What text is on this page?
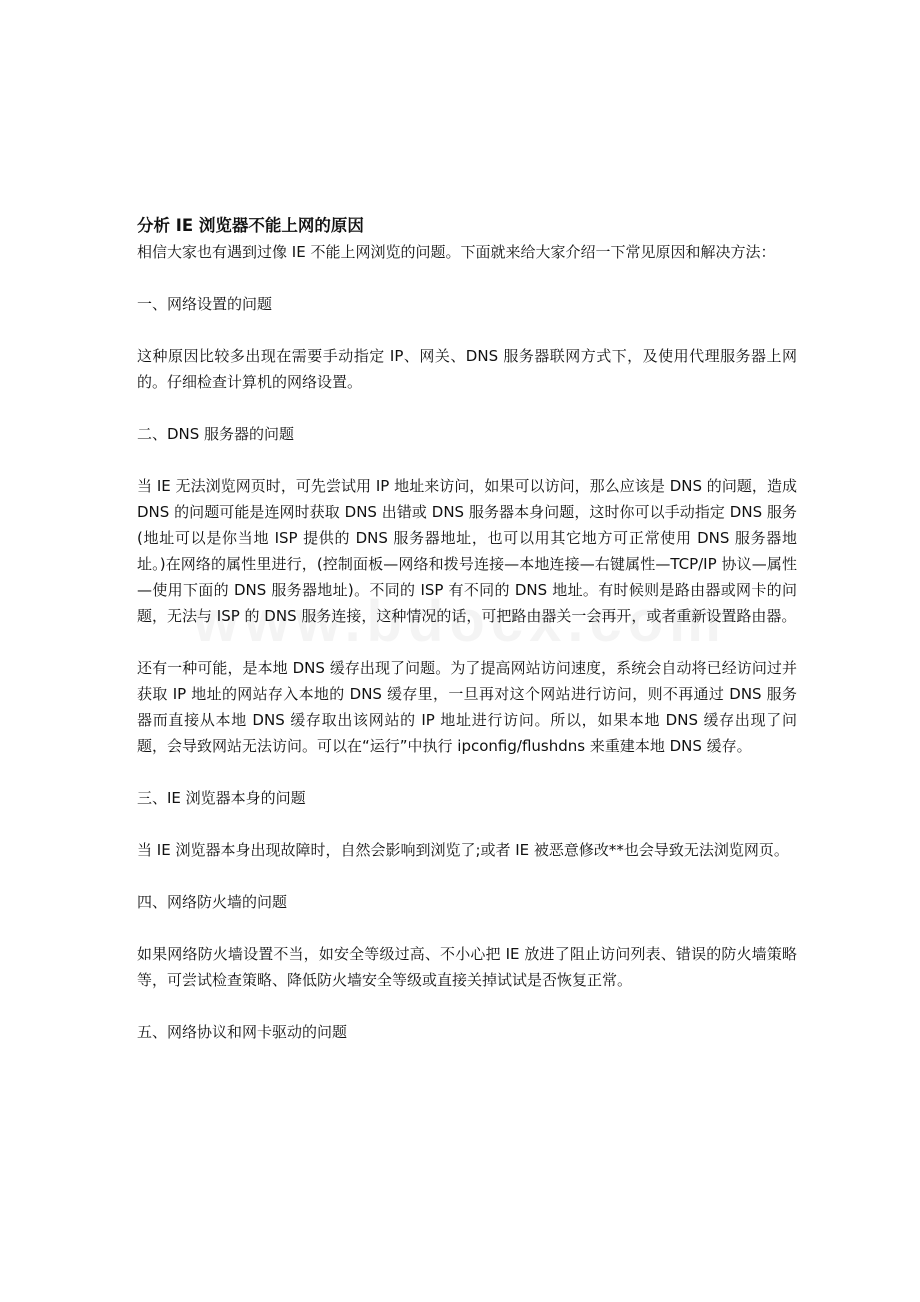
分析 IE 浏览器不能上网的原因

相信大家也有遇到过像 IE 不能上网浏览的问题。下面就来给大家介绍一下常见原因和解决方法：

一、网络设置的问题

这种原因比较多出现在需要手动指定 IP、网关、DNS 服务器联网方式下，及使用代理服务器上网的。仔细检查计算机的网络设置。

二、DNS 服务器的问题

当 IE 无法浏览网页时，可先尝试用 IP 地址来访问，如果可以访问，那么应该是 DNS 的问题，造成 DNS 的问题可能是连网时获取 DNS 出错或 DNS 服务器本身问题，这时你可以手动指定 DNS 服务(地址可以是你当地 ISP 提供的 DNS 服务器地址，也可以用其它地方可正常使用 DNS 服务器地址。)在网络的属性里进行，(控制面板—网络和拨号连接—本地连接—右键属性—TCP/IP 协议—属性—使用下面的 DNS 服务器地址)。不同的 ISP 有不同的 DNS 地址。有时候则是路由器或网卡的问题，无法与 ISP 的 DNS 服务连接，这种情况的话，可把路由器关一会再开，或者重新设置路由器。

还有一种可能，是本地 DNS 缓存出现了问题。为了提高网站访问速度，系统会自动将已经访问过并获取 IP 地址的网站存入本地的 DNS 缓存里，一旦再对这个网站进行访问，则不再通过 DNS 服务器而直接从本地 DNS 缓存取出该网站的 IP 地址进行访问。所以，如果本地 DNS 缓存出现了问题，会导致网站无法访问。可以在“运行”中执行 ipconfig/flushdns 来重建本地 DNS 缓存。

三、IE 浏览器本身的问题

当 IE 浏览器本身出现故障时，自然会影响到浏览了;或者 IE 被恶意修改**也会导致无法浏览网页。

四、网络防火墙的问题

如果网络防火墙设置不当，如安全等级过高、不小心把 IE 放进了阻止访问列表、错误的防火墙策略等，可尝试检查策略、降低防火墙安全等级或直接关掉试试是否恢复正常。

五、网络协议和网卡驱动的问题
